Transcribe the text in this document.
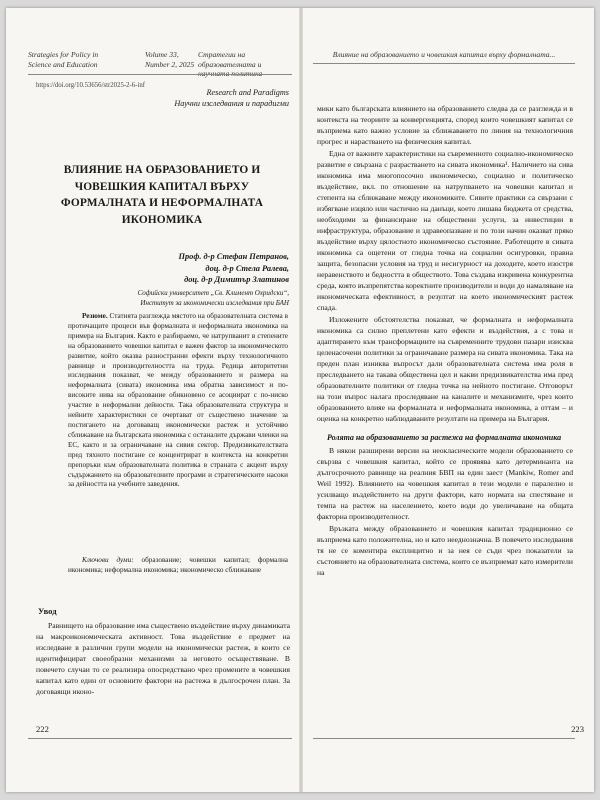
Strategies for Policy in Science and Education
Volume 33, Number 2, 2025
Стратегии на образователната и научната политика
https://doi.org/10.53656/str2025-2-6-inf
Research and Paradigms
Научни изследвания и парадигми
ВЛИЯНИЕ НА ОБРАЗОВАНИЕТО И ЧОВЕШКИЯ КАПИТАЛ ВЪРХУ ФОРМАЛНАТА И НЕФОРМАЛНАТА ИКОНОМИКА
Проф. д-р Стефан Петранов,
доц. д-р Стела Ралева,
доц. д-р Димитър Златинов
Софийски университет „Св. Климент Охридски“,
Институт за икономически изследвания при БАН
Резюме. Статията разглежда мястото на образователната система в протичащите процеси във формалната и неформалната икономика на примера на България. Както е разбираемо, че натрупванит в степените на образованието човешки капитал е важен фактор за икономическото развитие, който оказва разностранни ефекти върху технологичното равнище и производителността на труда. Редица авторитетни изследвания показват, че между образованието и размера на неформалната (сивата) икономика има обратна зависимост и по-високите нива на образование обикновено се асоциират с по-ниско участие в неформални дейности. Така образователната структура и нейните характеристики се очертават от съществено значение за постигането на договаващ икономически растеж и устойчиво сближаване на българската икономика с останалите държави членки на ЕС, както и за ограничаване на сивия сектор. Предизвикателствата пред тяхното постигане се концентрират в контекста на конкретни препоръки към образователната политика в страната с акцент върху съдържанието на образователните програми и стратегическите насоки за дейността на учебните заведения.
Ключови думи: образование; човешки капитал; формална икономика; неформална икономика; икономическо сближаване
Увод
Равнището на образование има съществено въздействие върху динамиката на макроикономическата активност. Това въздействие е предмет на изследване в различни групи модели на икономически растеж, в които се идентифицират своеобразни механизми за неговото осъществяване. В повечето случаи то се реализира опосредствано чрез промените в човешкия капитал като един от основните фактори на растежа в дългосрочен план. За договаящи иконо-
222
Влияние на образованието и човешкия капитал върху формалната...

мики като българската влиянието на образованието следва да се разглежда и в контекста на теориите за конвергенцията, според които човешкият капитал се възприема като важно условие за сближаването по линия на технологичния прогрес и нарастването на физическия капитал.

Една от важните характеристики на съвременното социално-икономическо развитие е свързана с разрастването на сивата икономика¹. Наличието на сива икономика има многопосочно икономическо, социално и политическо въздействие, вкл. по отношение на натрупването на човешки капитал и степента на сближаване между икономиките. Сивите практики са свързани с избягване изцяло или частично на данъци, което лишава бюджета от средства, необходими за финансиране на обществени услуги, за инвестиции в инфраструктура, образование и здравеопазване и по този начин оказват пряко въздействие върху цялостното икономическо състояние. Работещите в сивата икономика са ощетени от гледна точка на социални осигуровки, правна защита, безопасни условия на труд и несигурност на доходите, което изостря неравенството и бедността в обществото. Това създава изкривена конкурентна среда, която възпрепятства коректните производители и води до намаляване на икономическата ефективност, в резултат на което икономическият растеж спада.

Изложените обстоятелства показват, че формалната и неформалната икономика са силно преплетени като ефекти и въздействия, а с това и адаптирането към трансформациите на съвременните трудови пазари изисква целенасочени политики за ограничаване размера на сивата икономика. Така на преден план изниква въпросът дали образователната система има роля в преследването на такава обществена цел и какви предизвикателства има пред образователните политики от гледна точка на нейното постигане. Отговорът на този въпрос налага проследяване на каналите и механизмите, чрез които образованието влияе на формалната и неформалната икономика, а оттам – и оценка на конкретно наблюдаваните резултати на примера на България.

Ролята на образованието за растежа на формалната икономика

В някои разширени версии на неокласическите модели образованието се свързва с човешкия капитал, който се проявява като детерминанта на дългосрочното равнище на реалния БВП на един заест (Mankiw, Romer and Weil 1992). Влиянието на човешкия капитал в тези модели е паралелно и усилващо въздействието на други фактори, като нормата на спестяване и темпа на растеж на населението, което води до увеличаване на общата факторна производителност.

Връзката между образованието и човешкия капитал традиционно се възприема като положителна, но и като нееднозначна. В повечето изследвания тя не се коментира експлицитно и за нея се съди чрез показатели за състоянието на образователната система, които се възприемат като измерители на

223
